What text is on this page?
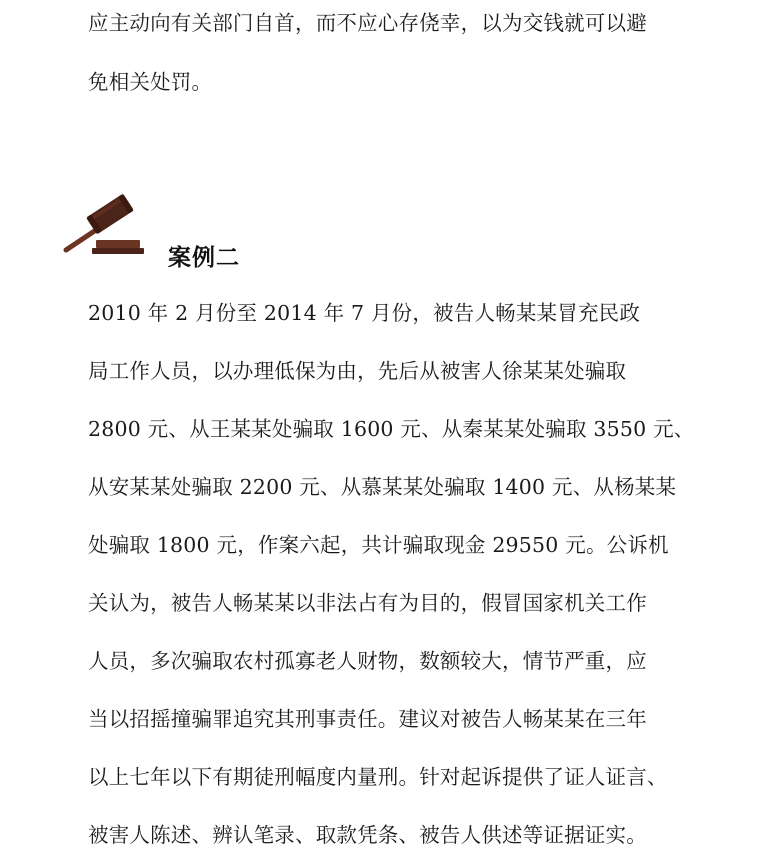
应主动向有关部门自首，而不应心存侥幸，以为交钱就可以避
免相关处罚。
案例二
2010 年 2 月份至 2014 年 7 月份，被告人畅某某冒充民政
局工作人员，以办理低保为由，先后从被害人徐某某处骗取
2800 元、从王某某处骗取 1600 元、从秦某某处骗取 3550 元、
从安某某处骗取 2200 元、从慕某某处骗取 1400 元、从杨某某
处骗取 1800 元，作案六起，共计骗取现金 29550 元。公诉机
关认为，被告人畅某某以非法占有为目的，假冒国家机关工作
人员，多次骗取农村孤寡老人财物，数额较大，情节严重，应
当以招摇撞骗罪追究其刑事责任。建议对被告人畅某某在三年
以上七年以下有期徒刑幅度内量刑。针对起诉提供了证人证言、
被害人陈述、辨认笔录、取款凭条、被告人供述等证据证实。
